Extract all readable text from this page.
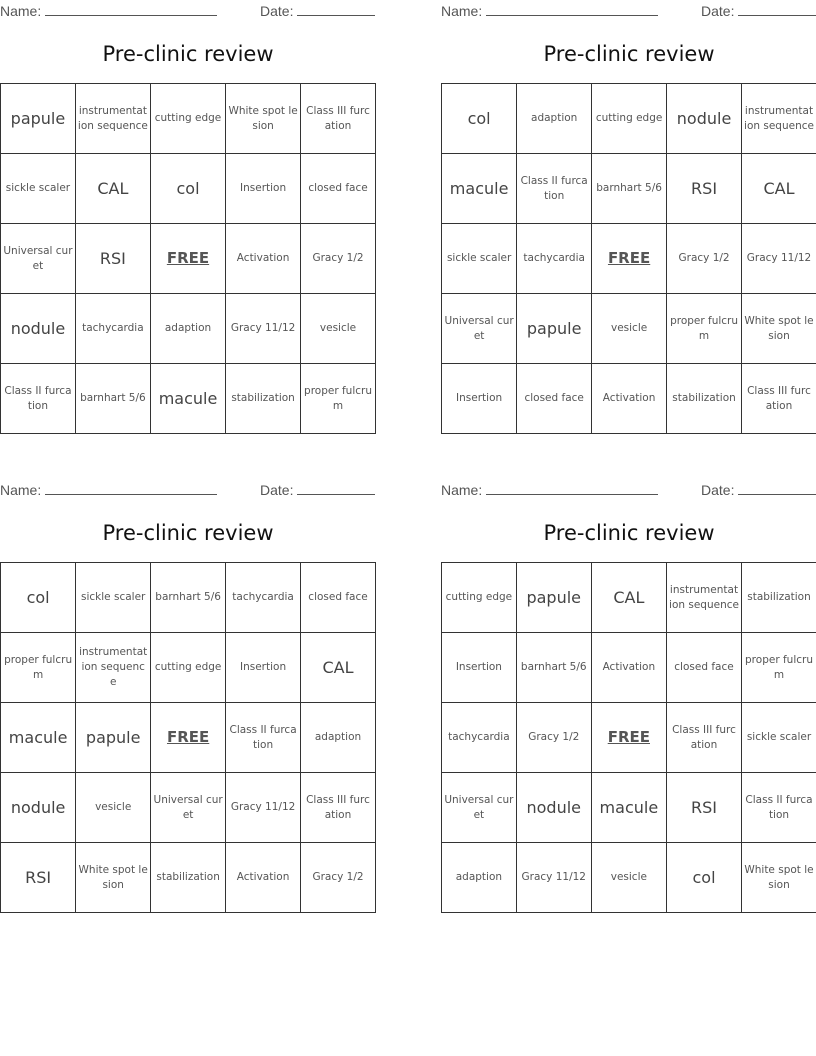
Name:	Date:
Pre-clinic review
papule	instrumentation sequence	cutting edge	White spot lesion	Class III furcation
sickle scaler	CAL	col	Insertion	closed face
Universal curet	RSI	FREE	Activation	Gracy 1/2
nodule	tachycardia	adaption	Gracy 11/12	vesicle
Class II furcation	barnhart 5/6	macule	stabilization	proper fulcrum
Name:	Date:
Pre-clinic review
col	adaption	cutting edge	nodule	instrumentation sequence
macule	Class II furcation	barnhart 5/6	RSI	CAL
sickle scaler	tachycardia	FREE	Gracy 1/2	Gracy 11/12
Universal curet	papule	vesicle	proper fulcrum	White spot lesion
Insertion	closed face	Activation	stabilization	Class III furcation
Name:	Date:
Pre-clinic review
col	sickle scaler	barnhart 5/6	tachycardia	closed face
proper fulcrum	instrumentation sequence	cutting edge	Insertion	CAL
macule	papule	FREE	Class II furcation	adaption
nodule	vesicle	Universal curet	Gracy 11/12	Class III furcation
RSI	White spot lesion	stabilization	Activation	Gracy 1/2
Name:	Date:
Pre-clinic review
cutting edge	papule	CAL	instrumentation sequence	stabilization
Insertion	barnhart 5/6	Activation	closed face	proper fulcrum
tachycardia	Gracy 1/2	FREE	Class III furcation	sickle scaler
Universal curet	nodule	macule	RSI	Class II furcation
adaption	Gracy 11/12	vesicle	col	White spot lesion
